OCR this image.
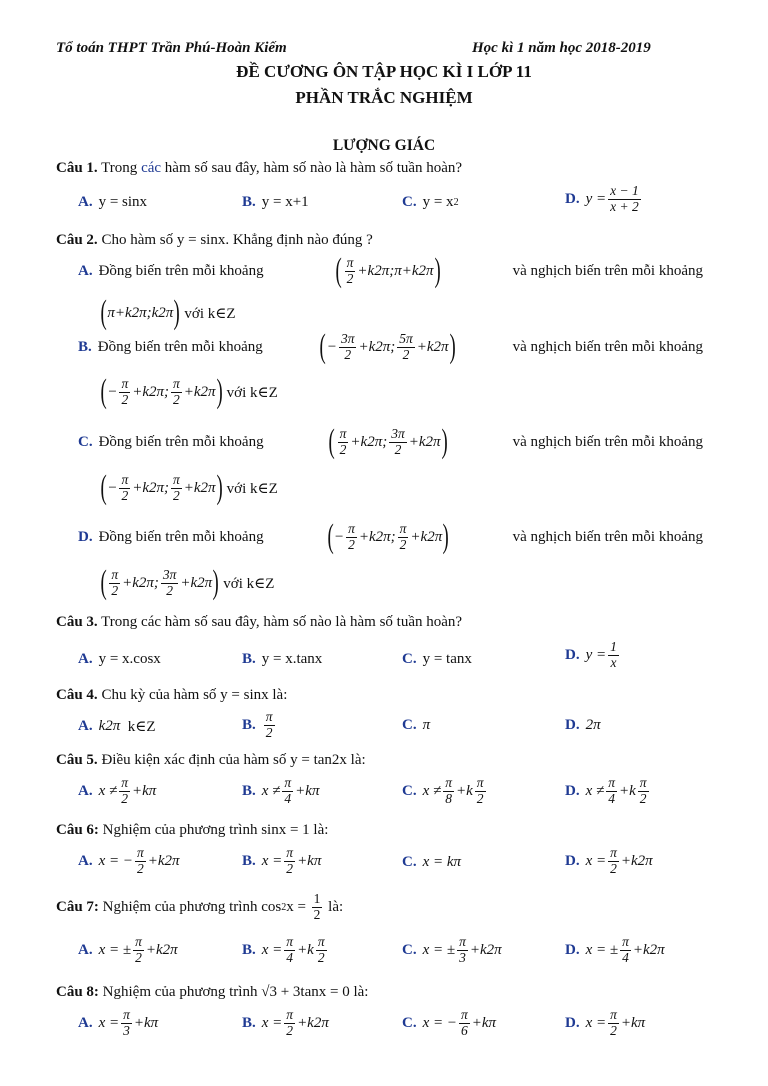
Tổ toán THPT Trần Phú-Hoàn Kiếm	Học kì 1 năm học 2018-2019
ĐỀ CƯƠNG ÔN TẬP HỌC KÌ I LỚP 11
PHẦN TRẮC NGHIỆM
LƯỢNG GIÁC
Câu 1. Trong các hàm số sau đây, hàm số nào là hàm số tuần hoàn?
A. y = sinx	B. y = x+1	C. y = x 2	D. $y = \frac{x - 1}{x + 2}$
Câu 2. Cho hàm số y = sinx. Khẳng định nào đúng ?
A. Đồng biến trên mỗi khoảng ( $\frac{\pi}{2}$ +k2π;π+k2π )	và nghịch biến trên mỗi khoảng
( π+k2π;k2π )
với k∈Z
B. Đồng biến trên mỗi khoảng ( − $\frac{3\pi}{2} +k2\pi$; $\frac{5\pi}{2} +k2\pi$ )	và nghịch biến trên mỗi khoảng
( − $\frac{\pi}{2} +k2\pi$; $\frac{\pi}{2} +k2\pi$ )
với k∈Z
C. Đồng biến trên mỗi khoảng ( $\frac{\pi}{2} +k2\pi$; $\frac{3\pi}{2} +k2\pi$ )	và nghịch biến trên mỗi khoảng
( − $\frac{\pi}{2} +k2\pi$; $\frac{\pi}{2} +k2\pi$ )
với k∈Z
D. Đồng biến trên mỗi khoảng ( − $\frac{\pi}{2} +k2\pi$; $\frac{\pi}{2} +k2\pi$ )	và nghịch biến trên mỗi khoảng
( $\frac{\pi}{2} +k2\pi$; $\frac{3\pi}{2} +k2\pi$ )
với k∈Z
Câu 3. Trong các hàm số sau đây, hàm số nào là hàm số tuần hoàn?
A. y = x.cosx	B. y = x.tanx	C. y = tanx	D. $y = \frac{1}{x}$
Câu 4. Chu kỳ của hàm số y = sinx là:
A. k2π
k∈Z	B. $\frac{\pi}{2}$	C. π	D. 2π
Câu 5. Điều kiện xác định của hàm số y = tan2x là:
A. $x \ne \frac{\pi}{2} +k\pi$	B. $x \ne \frac{\pi}{4} +k\pi$	C. $x \ne \frac{\pi}{8} +k \frac{\pi}{2}$	D. $x \ne \frac{\pi}{4} +k \frac{\pi}{2}$
Câu 6: Nghiệm của phương trình sinx = 1 là:
A. x = − $\frac{\pi}{2} +k2\pi$	B. $x = \frac{\pi}{2} +k\pi$	C. x = kπ	D. $x = \frac{\pi}{2} +k2\pi$
Câu 7:
Nghiệm của phương trình cos 2 x =
$\frac{1}{2}$
là:
A. x = ± $\frac{\pi}{2} +k2\pi$	B. $x = \frac{\pi}{4} +k \frac{\pi}{2}$	C. x = ± $\frac{\pi}{3} +k2\pi$	D. x = ± $\frac{\pi}{4} +k2\pi$
Câu 8: Nghiệm của phương trình √3 + 3tanx = 0 là:
A. $x = \frac{\pi}{3} +k\pi$	B. $x = \frac{\pi}{2} +k2\pi$	C. x = − $\frac{\pi}{6} +k\pi$	D. $x = \frac{\pi}{2} +k\pi$
